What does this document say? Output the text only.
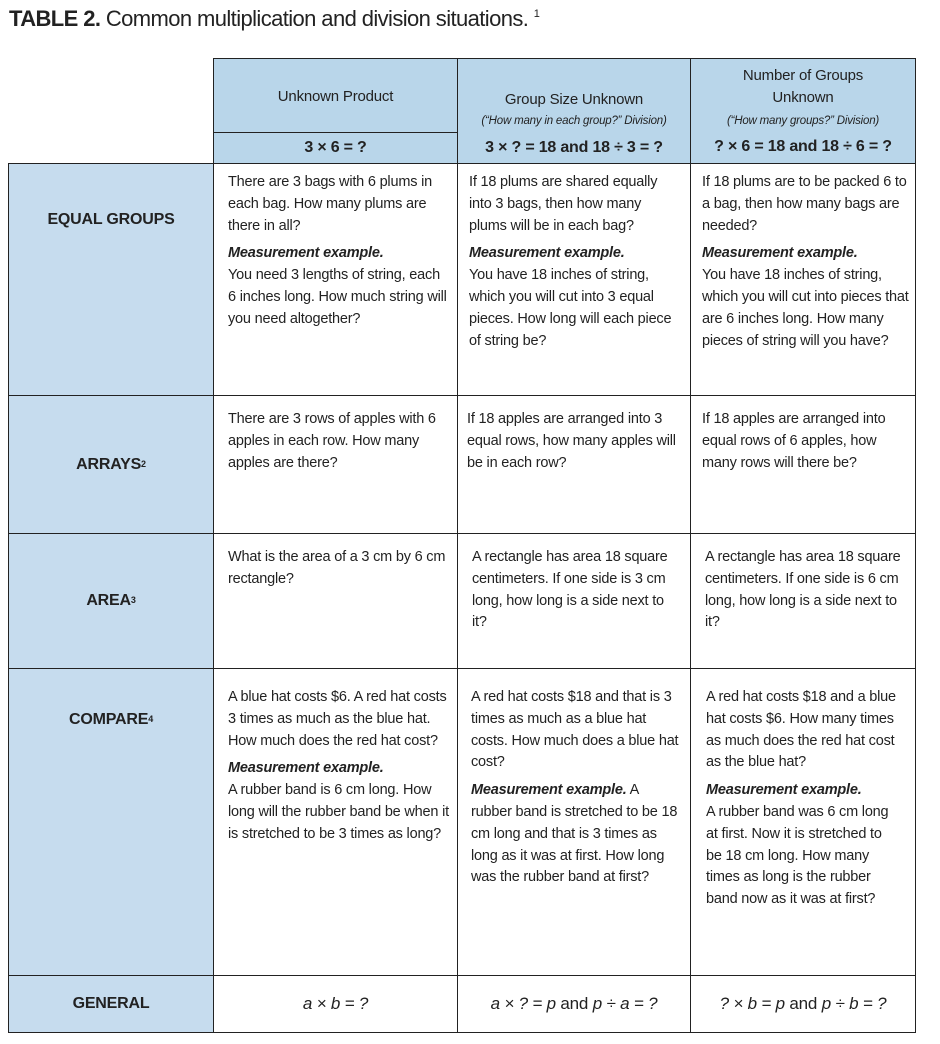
TABLE 2. Common multiplication and division situations. $^1$
Unknown Product
3 × 6 = ?
Group Size Unknown
(“How many in each group?” Division)
3 × ? = 18 and 18 ÷ 3 = ?
Number of Groups Unknown
(“How many groups?” Division)
? × 6 = 18 and 18 ÷ 6 = ?
EQUAL GROUPS
ARRAYS 2
AREA 3
COMPARE 4
GENERAL

There are 3 bags with 6 plums in each bag. How many plums are there in all?

Measurement example.
You need 3 lengths of string, each 6 inches long. How much string will you need altogether?

If 18 plums are shared equally into 3 bags, then how many plums will be in each bag?

Measurement example.
You have 18 inches of string, which you will cut into 3 equal pieces. How long will each piece of string be?

If 18 plums are to be packed 6 to a bag, then how many bags are needed?

Measurement example.
You have 18 inches of string, which you will cut into pieces that are 6 inches long. How many pieces of string will you have?

There are 3 rows of apples with 6 apples in each row. How many apples are there?

If 18 apples are arranged into 3 equal rows, how many apples will be in each row?

If 18 apples are arranged into equal rows of 6 apples, how many rows will there be?

What is the area of a 3 cm by 6 cm rectangle?

A rectangle has area 18 square centimeters. If one side is 3 cm long, how long is a side next to it?

A rectangle has area 18 square centimeters. If one side is 6 cm long, how long is a side next to it?

A blue hat costs $6. A red hat costs 3 times as much as the blue hat. How much does the red hat cost?

Measurement example.
A rubber band is 6 cm long. How long will the rubber band be when it is stretched to be 3 times as long?

A red hat costs $18 and that is 3 times as much as a blue hat costs. How much does a blue hat cost?

Measurement example. A rubber band is stretched to be 18 cm long and that is 3 times as long as it was at first. How long was the rubber band at first?

A red hat costs $18 and a blue hat costs $6. How many times as much does the red hat cost as the blue hat?

Measurement example.
A rubber band was 6 cm long at first. Now it is stretched to be 18 cm long. How many times as long is the rubber band now as it was at first?

a × b = ?	a × ? = p
and
p ÷ a = ?	? × b = p
and
p ÷ b = ?
